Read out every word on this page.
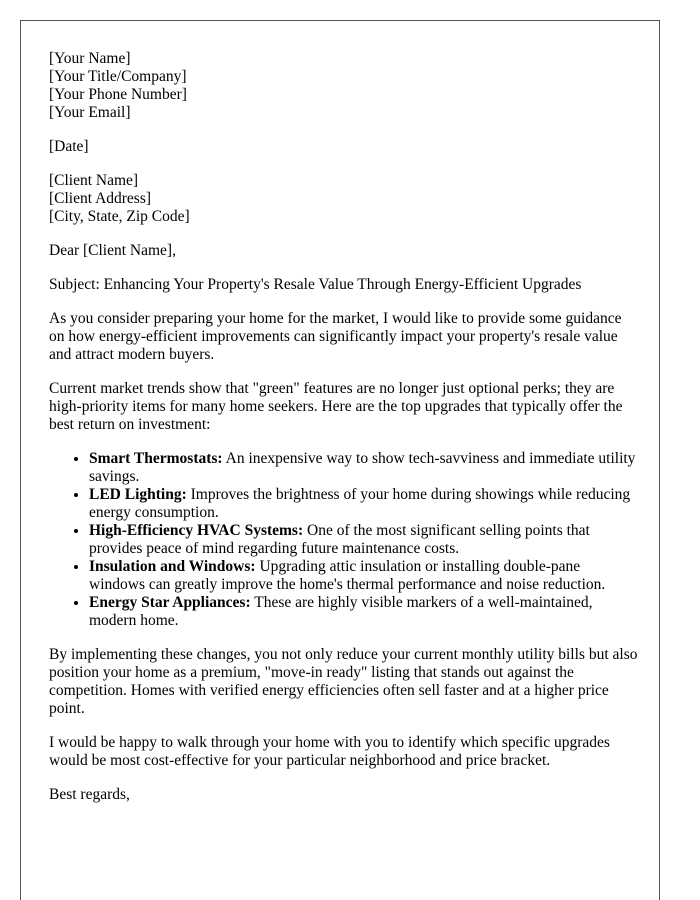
[Your Name]
[Your Title/Company]
[Your Phone Number]
[Your Email]
[Date]
[Client Name]
[Client Address]
[City, State, Zip Code]

Dear [Client Name],

Subject: Enhancing Your Property's Resale Value Through Energy-Efficient Upgrades

As you consider preparing your home for the market, I would like to provide some guidance on how energy-efficient improvements can significantly impact your property's resale value and attract modern buyers.

Current market trends show that "green" features are no longer just optional perks; they are high-priority items for many home seekers. Here are the top upgrades that typically offer the best return on investment:

• Smart Thermostats: An inexpensive way to show tech-savviness and immediate utility savings.
• LED Lighting: Improves the brightness of your home during showings while reducing energy consumption.
• High-Efficiency HVAC Systems: One of the most significant selling points that provides peace of mind regarding future maintenance costs.
• Insulation and Windows: Upgrading attic insulation or installing double-pane windows can greatly improve the home's thermal performance and noise reduction.
• Energy Star Appliances: These are highly visible markers of a well-maintained, modern home.

By implementing these changes, you not only reduce your current monthly utility bills but also position your home as a premium, "move-in ready" listing that stands out against the competition. Homes with verified energy efficiencies often sell faster and at a higher price point.

I would be happy to walk through your home with you to identify which specific upgrades would be most cost-effective for your particular neighborhood and price bracket.

Best regards,
